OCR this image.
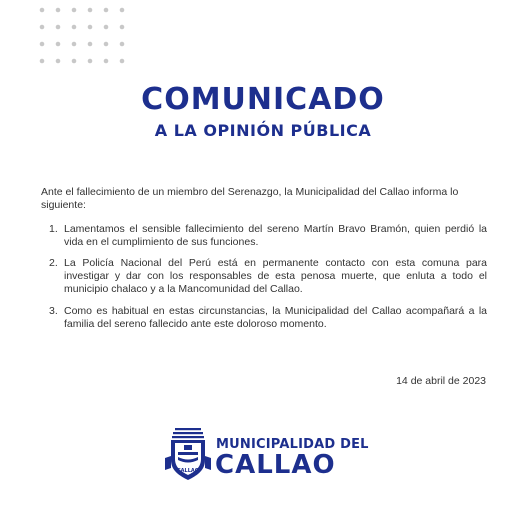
COMUNICADO
A LA OPINIÓN PÚBLICA
Ante el fallecimiento de un miembro del Serenazgo, la Municipalidad del Callao informa lo siguiente:
1. Lamentamos el sensible fallecimiento del sereno Martín Bravo Bramón, quien perdió la vida en el cumplimiento de sus funciones.
2. La Policía Nacional del Perú está en permanente contacto con esta comuna para investigar y dar con los responsables de esta penosa muerte, que enluta a todo el municipio chalaco y a la Mancomunidad del Callao.
3. Como es habitual en estas circunstancias, la Municipalidad del Callao acompañará a la familia del sereno fallecido ante este doloroso momento.
14 de abril de 2023
CALLAO
MUNICIPALIDAD DEL
CALLAO
